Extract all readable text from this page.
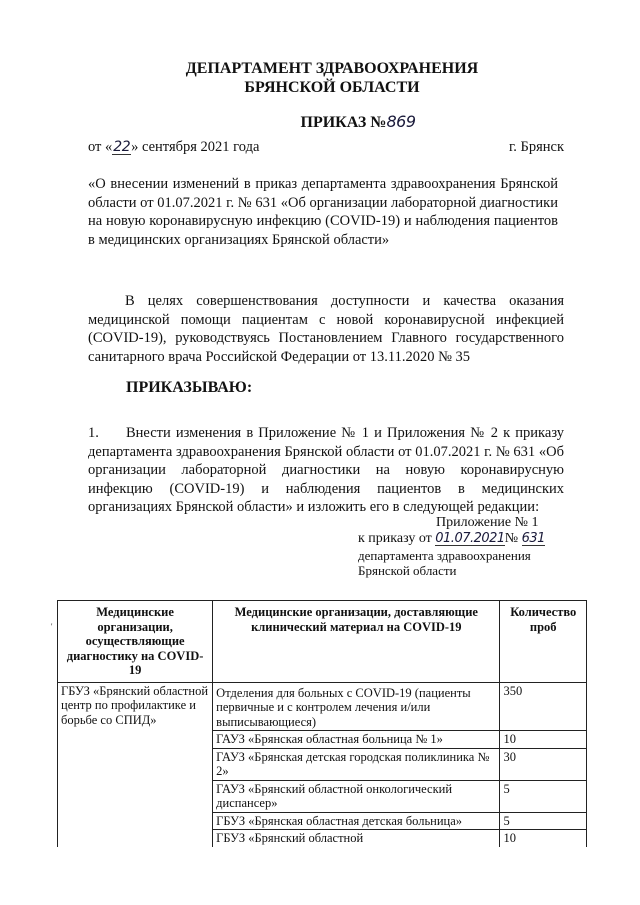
ДЕПАРТАМЕНТ ЗДРАВООХРАНЕНИЯ
БРЯНСКОЙ ОБЛАСТИ
ПРИКАЗ №869
от «22» сентября 2021 года	г. Брянск
«О внесении изменений в приказ департамента здравоохранения Брянской области от 01.07.2021 г. № 631 «Об организации лабораторной диагностики на новую коронавирусную инфекцию (COVID-19) и наблюдения пациентов в медицинских организациях Брянской области»
В целях совершенствования доступности и качества оказания медицинской помощи пациентам с новой коронавирусной инфекцией (COVID-19), руководствуясь Постановлением Главного государственного санитарного врача Российской Федерации от 13.11.2020 № 35
ПРИКАЗЫВАЮ:
1. Внести изменения в Приложение № 1 и Приложения № 2 к приказу департамента здравоохранения Брянской области от 01.07.2021 г. № 631 «Об организации лабораторной диагностики на новую коронавирусную инфекцию (COVID-19) и наблюдения пациентов в медицинских организациях Брянской области» и изложить его в следующей редакции:
Приложение № 1
к приказу от 01.07.2021№ 631
департамента здравоохранения
Брянской области
'
Медицинские организации, осуществляющие диагностику на COVID-19	Медицинские организации, доставляющие клинический материал на COVID-19	Количество проб
ГБУЗ «Брянский областной центр по профилактике и борьбе со СПИД»	Отделения для больных с COVID-19 (пациенты первичные и с контролем лечения и/или выписывающиеся)	350
	ГАУЗ «Брянская областная больница № 1»	10
	ГАУЗ «Брянская детская городская поликлиника № 2»	30
	ГАУЗ «Брянский областной онкологический диспансер»	5
	ГБУЗ «Брянская областная детская больница»	5
	ГБУЗ «Брянский областной	10
